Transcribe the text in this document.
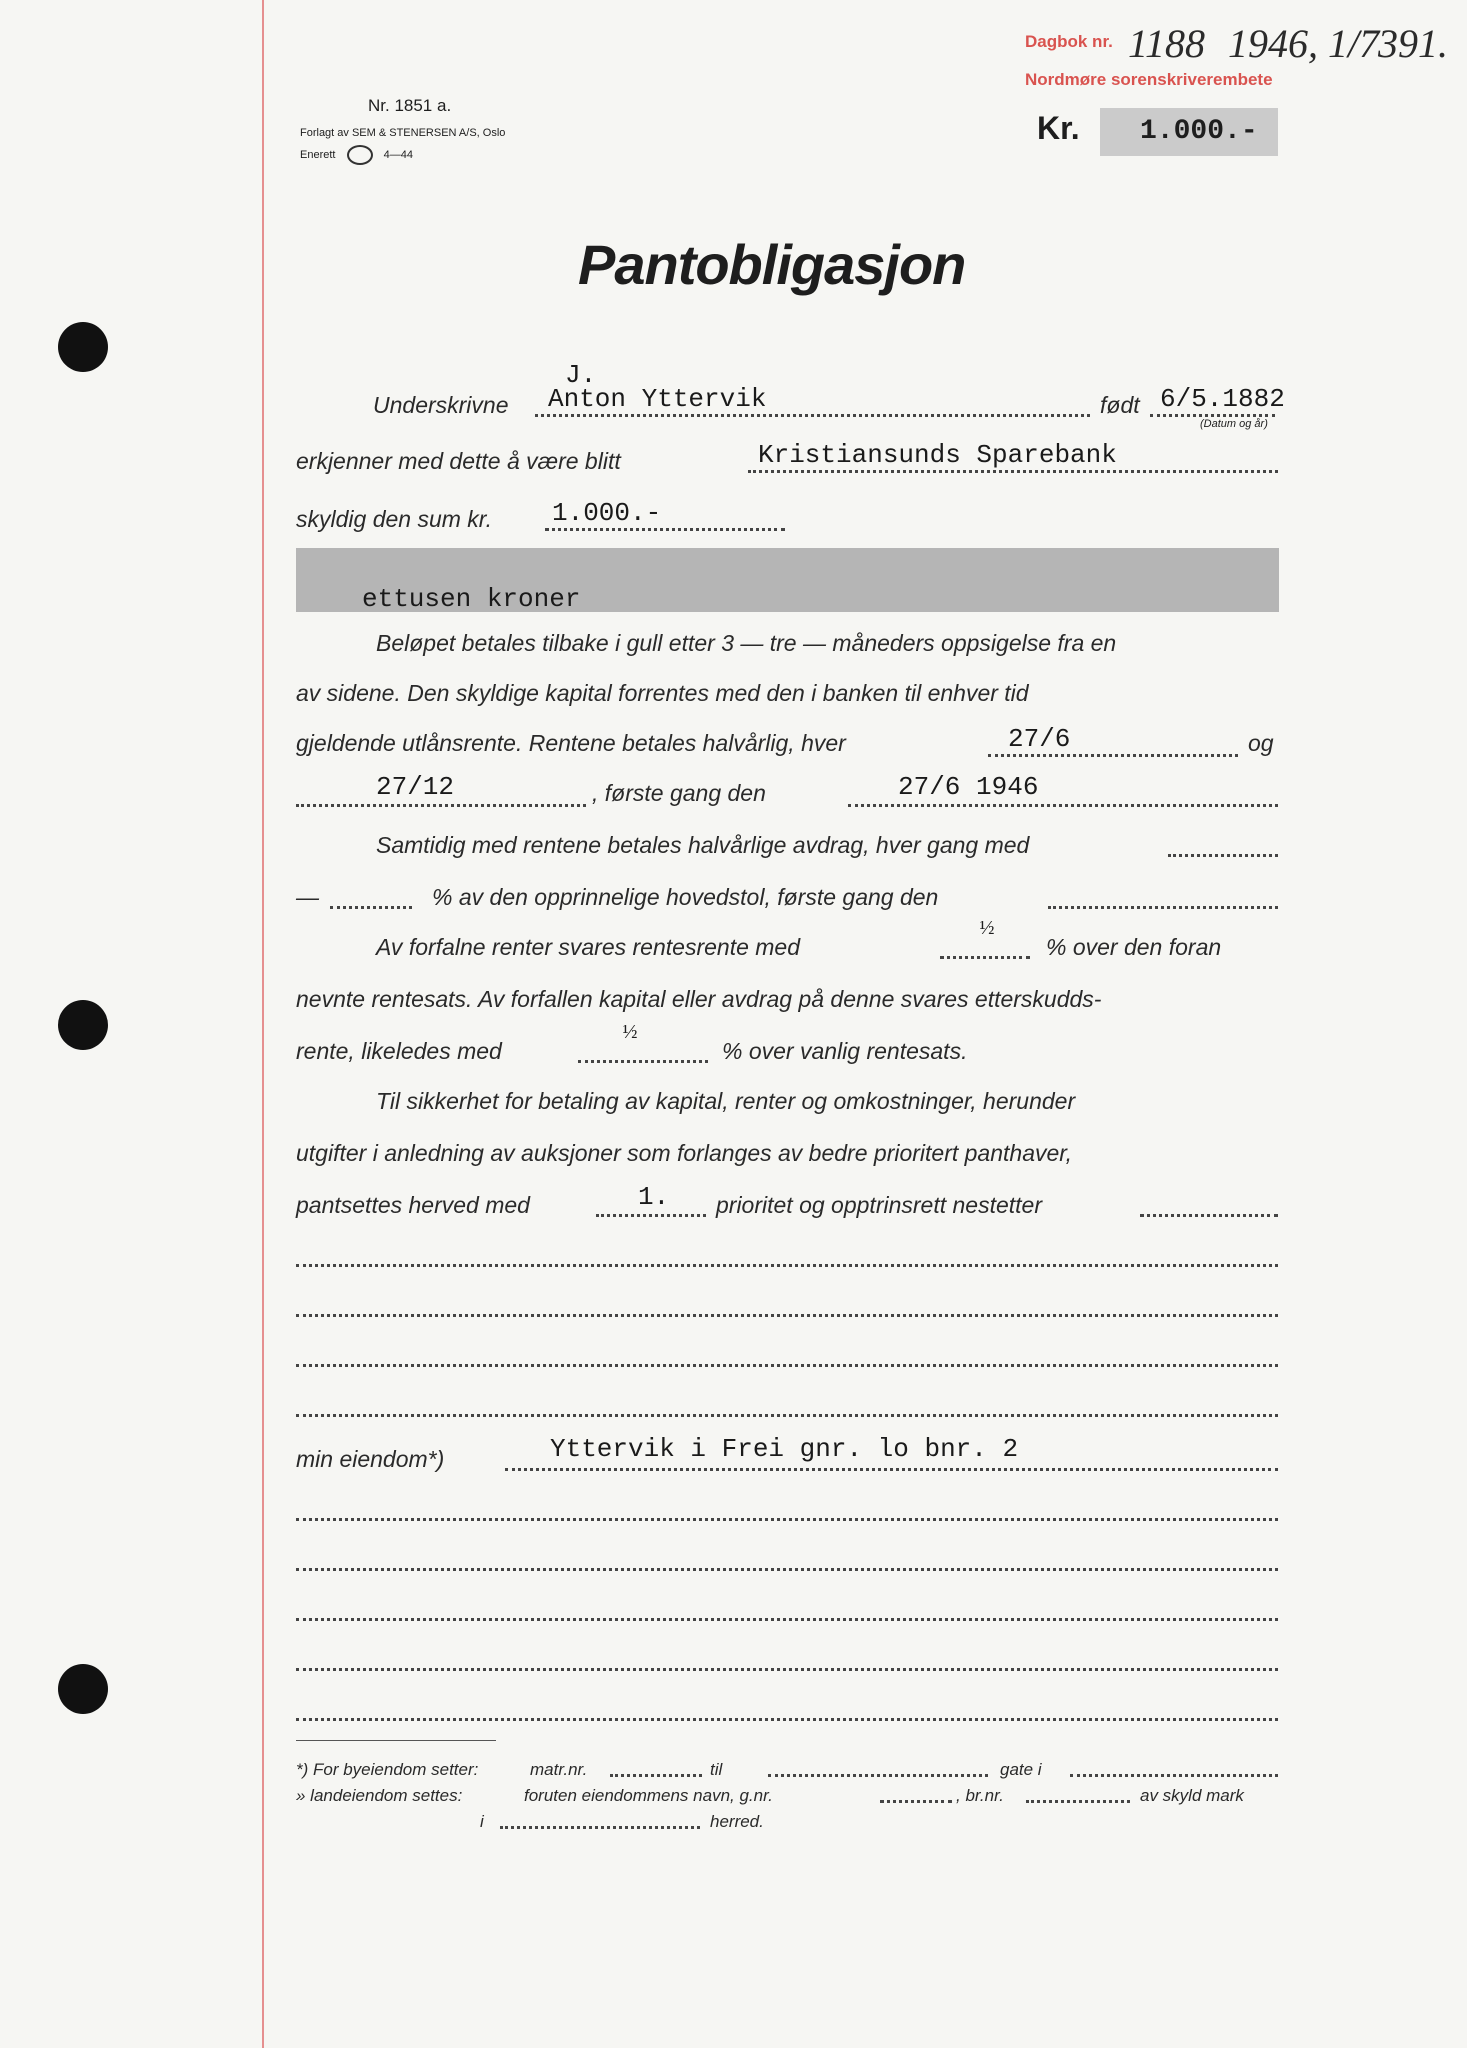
Dagbok nr.
Nordmøre sorenskriverembete
1188 1946, 1/7
391.
Nr. 1851 a.
Forlagt av SEM & STENERSEN A/S, Oslo
Enerett	4—44
Kr. 1.000.-
Pantobligasjon
J.
Underskrivne Anton Yttervik	født 6/5.1882
(Datum og år)
erkjenner med dette å være blitt	Kristiansunds Sparebank
skyldig den sum kr. 1.000.-
ettusen kroner
Beløpet betales tilbake i gull etter 3 — tre — måneders oppsigelse fra en
av sidene. Den skyldige kapital forrentes med den i banken til enhver tid
gjeldende utlånsrente. Rentene betales halvårlig, hver	27/6	og
27/12	, første gang den	27/6 1946
Samtidig med rentene betales halvårlige avdrag, hver gang med
—	% av den opprinnelige hovedstol, første gang den
Av forfalne renter svares rentesrente med
½
% over den foran
nevnte rentesats. Av forfallen kapital eller avdrag på denne svares etterskudds-
rente, likeledes med
½
% over vanlig rentesats.
Til sikkerhet for betaling av kapital, renter og omkostninger, herunder
utgifter i anledning av auksjoner som forlanges av bedre prioritert panthaver,
pantsettes herved med	1. prioritet og opptrinsrett nestetter
min eiendom*)	Yttervik i Frei gnr. lo bnr. 2
*) For byeiendom setter:	matr.nr.	til	gate i
» landeiendom settes:	foruten eiendommens navn, g.nr.	, br.nr.	av skyld mark
i	herred.
